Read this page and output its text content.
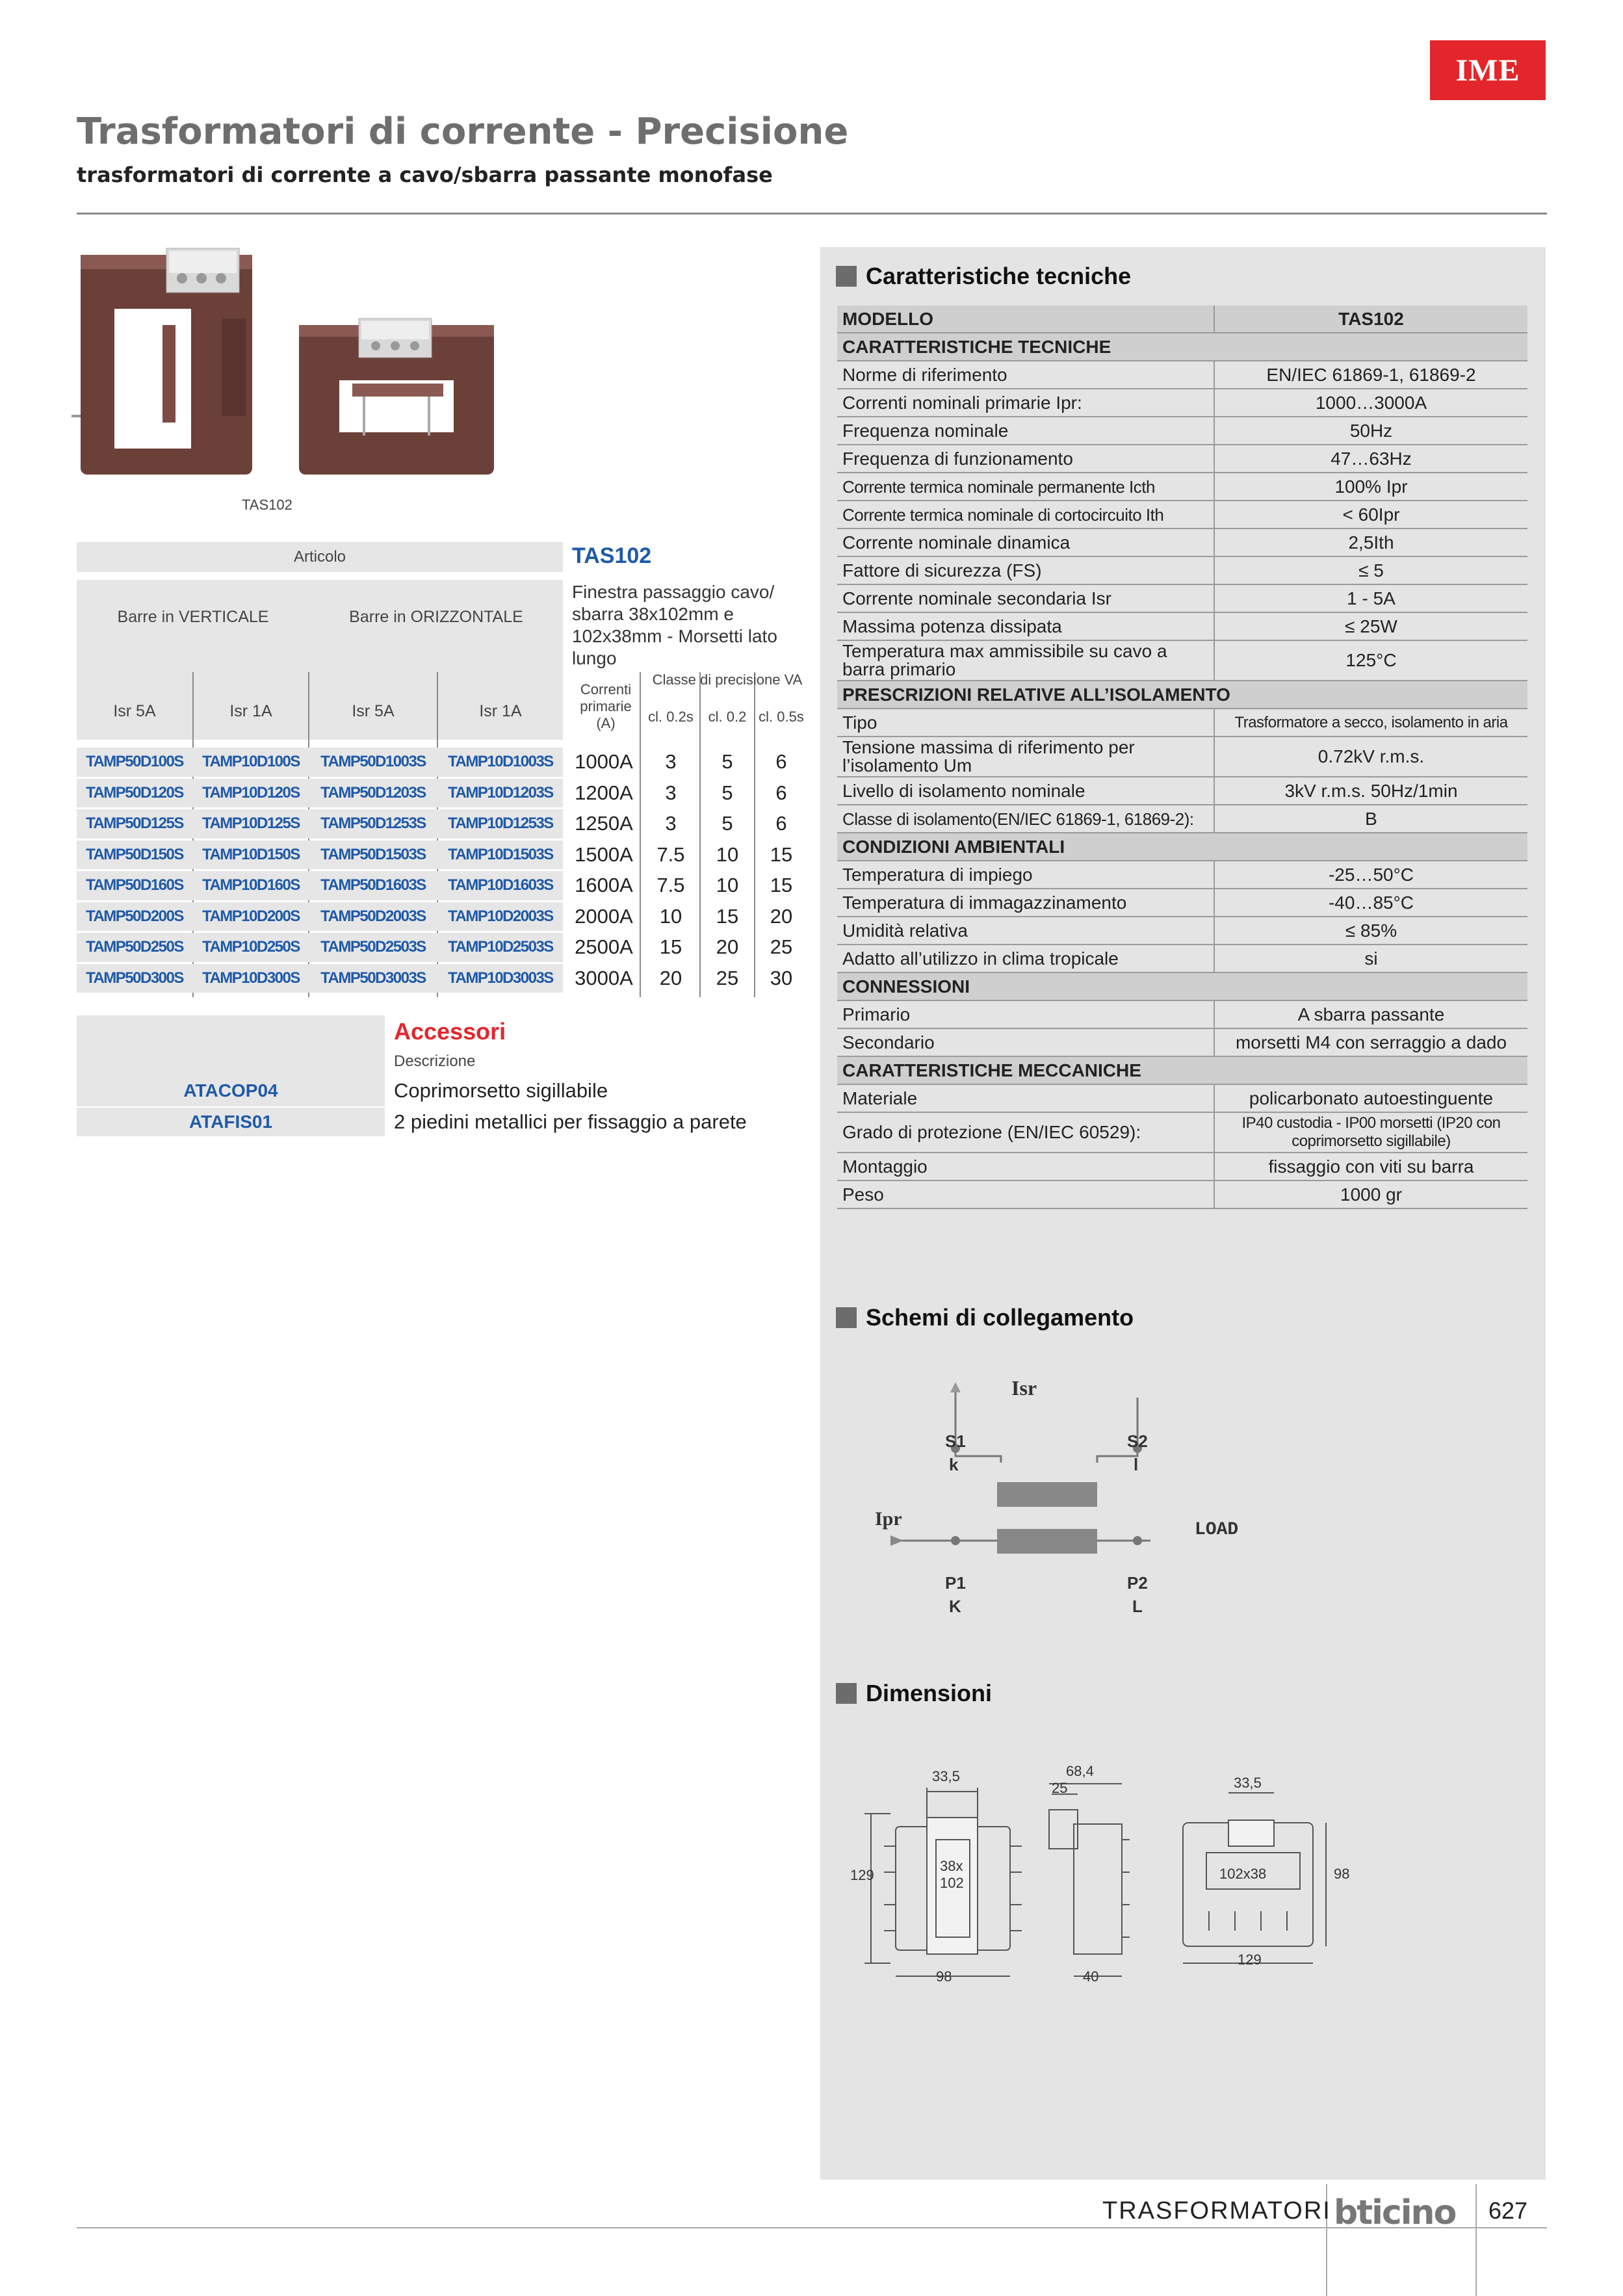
IME
Trasformatori di corrente - Precisione
trasformatori di corrente a cavo/sbarra passante monofase
TAS102
Articolo	TAS102
Finestra passaggio cavo/ sbarra 38x102mm e 102x38mm - Morsetti lato lungo
Barre in VERTICALE	Barre in ORIZZONTALE
Isr 5A	Isr 1A	Isr 5A	Isr 1A
Correnti primarie (A)
Classe di precisione VA
cl. 0.2s	cl. 0.2 cl. 0.5s
TAMP50D100S	TAMP10D100S	TAMP50D1003S	TAMP10D1003S	1000A	3	5	6
TAMP50D120S	TAMP10D120S	TAMP50D1203S	TAMP10D1203S	1200A	3	5	6
TAMP50D125S	TAMP10D125S	TAMP50D1253S	TAMP10D1253S	1250A	3	5	6
TAMP50D150S	TAMP10D150S	TAMP50D1503S	TAMP10D1503S	1500A	7.5	10	15
TAMP50D160S	TAMP10D160S	TAMP50D1603S	TAMP10D1603S	1600A	7.5	10	15
TAMP50D200S	TAMP10D200S	TAMP50D2003S	TAMP10D2003S	2000A	10	15	20
TAMP50D250S	TAMP10D250S	TAMP50D2503S	TAMP10D2503S	2500A	15	20	25
TAMP50D300S	TAMP10D300S	TAMP50D3003S	TAMP10D3003S	3000A	20	25	30
Accessori
Descrizione
ATACOP04	Coprimorsetto sigillabile
ATAFIS01	2 piedini metallici per fissaggio a parete
Caratteristiche tecniche
MODELLO	TAS102
CARATTERISTICHE TECNICHE	
Norme di riferimento	EN/IEC 61869-1, 61869-2
Correnti nominali primarie Ipr:	1000…3000A
Frequenza nominale	50Hz
Frequenza di funzionamento	47…63Hz
Corrente termica nominale permanente Icth	100% Ipr
Corrente termica nominale di cortocircuito Ith	< 60Ipr
Corrente nominale dinamica	2,5Ith
Fattore di sicurezza (FS)	≤ 5
Corrente nominale secondaria Isr	1 - 5A
Massima potenza dissipata	≤ 25W
Temperatura max ammissibile su cavo a barra primario	125°C
PRESCRIZIONI RELATIVE ALL’ISOLAMENTO	
Tipo	Trasformatore a secco, isolamento in aria
Tensione massima di riferimento per l’isolamento Um	0.72kV r.m.s.
Livello di isolamento nominale	3kV r.m.s. 50Hz/1min
Classe di isolamento(EN/IEC 61869-1, 61869-2):	B
CONDIZIONI AMBIENTALI	
Temperatura di impiego	-25…50°C
Temperatura di immagazzinamento	-40…85°C
Umidità relativa	≤ 85%
Adatto all’utilizzo in clima tropicale	si
CONNESSIONI	
Primario	A sbarra passante
Secondario	morsetti M4 con serraggio a dado
CARATTERISTICHE MECCANICHE	
Materiale	policarbonato autoestinguente
Grado di protezione (EN/IEC 60529):	IP40 custodia - IP00 morsetti (IP20 con coprimorsetto sigillabile)
Montaggio	fissaggio con viti su barra
Peso	1000 gr
Schemi di collegamento
Isr
S1
k
S2
l
Ipr
LOAD
P1
K
P2
L
Dimensioni
33,5
129
38x
102
98
68,4
25
40
33,5
102x38	98
129
TRASFORMATORI bticino 627
